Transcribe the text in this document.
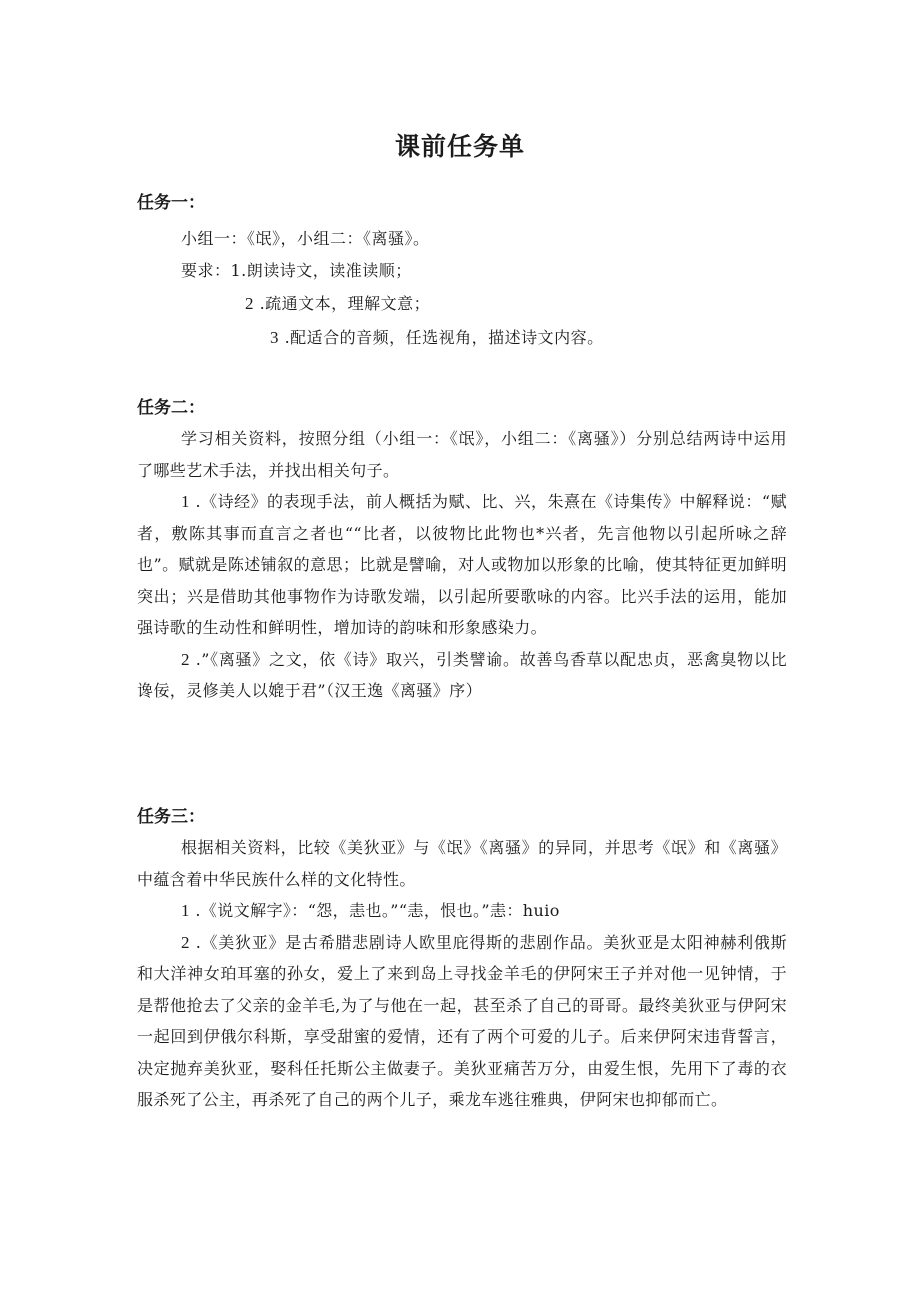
课前任务单
任务一：
小组一：《氓》，小组二：《离骚》。
要求：1.朗读诗文，读准读顺；
2 .疏通文本，理解文意；
3 .配适合的音频，任选视角，描述诗文内容。
任务二：

学习相关资料，按照分组（小组一：《氓》，小组二：《离骚》）分别总结两诗中运用了哪些艺术手法，并找出相关句子。

1 .《诗经》的表现手法，前人概括为赋、比、兴，朱熹在《诗集传》中解释说：“赋者，敷陈其事而直言之者也““比者，以彼物比此物也*兴者，先言他物以引起所咏之辞也”。赋就是陈述铺叙的意思；比就是譬喻，对人或物加以形象的比喻，使其特征更加鲜明突出；兴是借助其他事物作为诗歌发端，以引起所要歌咏的内容。比兴手法的运用，能加强诗歌的生动性和鲜明性，增加诗的韵味和形象感染力。

2 .”《离骚》之文，依《诗》取兴，引类譬谕。故善鸟香草以配忠贞，恶禽臭物以比谗佞，灵修美人以媲于君”（汉王逸《离骚》序）

任务三：

根据相关资料，比较《美狄亚》与《氓》《离骚》的异同，并思考《氓》和《离骚》中蕴含着中华民族什么样的文化特性。

1 .《说文解字》：“怨，恚也。”“恚，恨也。”恚：huio

2 .《美狄亚》是古希腊悲剧诗人欧里庇得斯的悲剧作品。美狄亚是太阳神赫利俄斯和大洋神女珀耳塞的孙女，爱上了来到岛上寻找金羊毛的伊阿宋王子并对他一见钟情，于是帮他抢去了父亲的金羊毛,为了与他在一起，甚至杀了自己的哥哥。最终美狄亚与伊阿宋一起回到伊俄尔科斯，享受甜蜜的爱情，还有了两个可爱的儿子。后来伊阿宋违背誓言，决定抛弃美狄亚，娶科任托斯公主做妻子。美狄亚痛苦万分，由爱生恨，先用下了毒的衣服杀死了公主，再杀死了自己的两个儿子，乘龙车逃往雅典，伊阿宋也抑郁而亡。
